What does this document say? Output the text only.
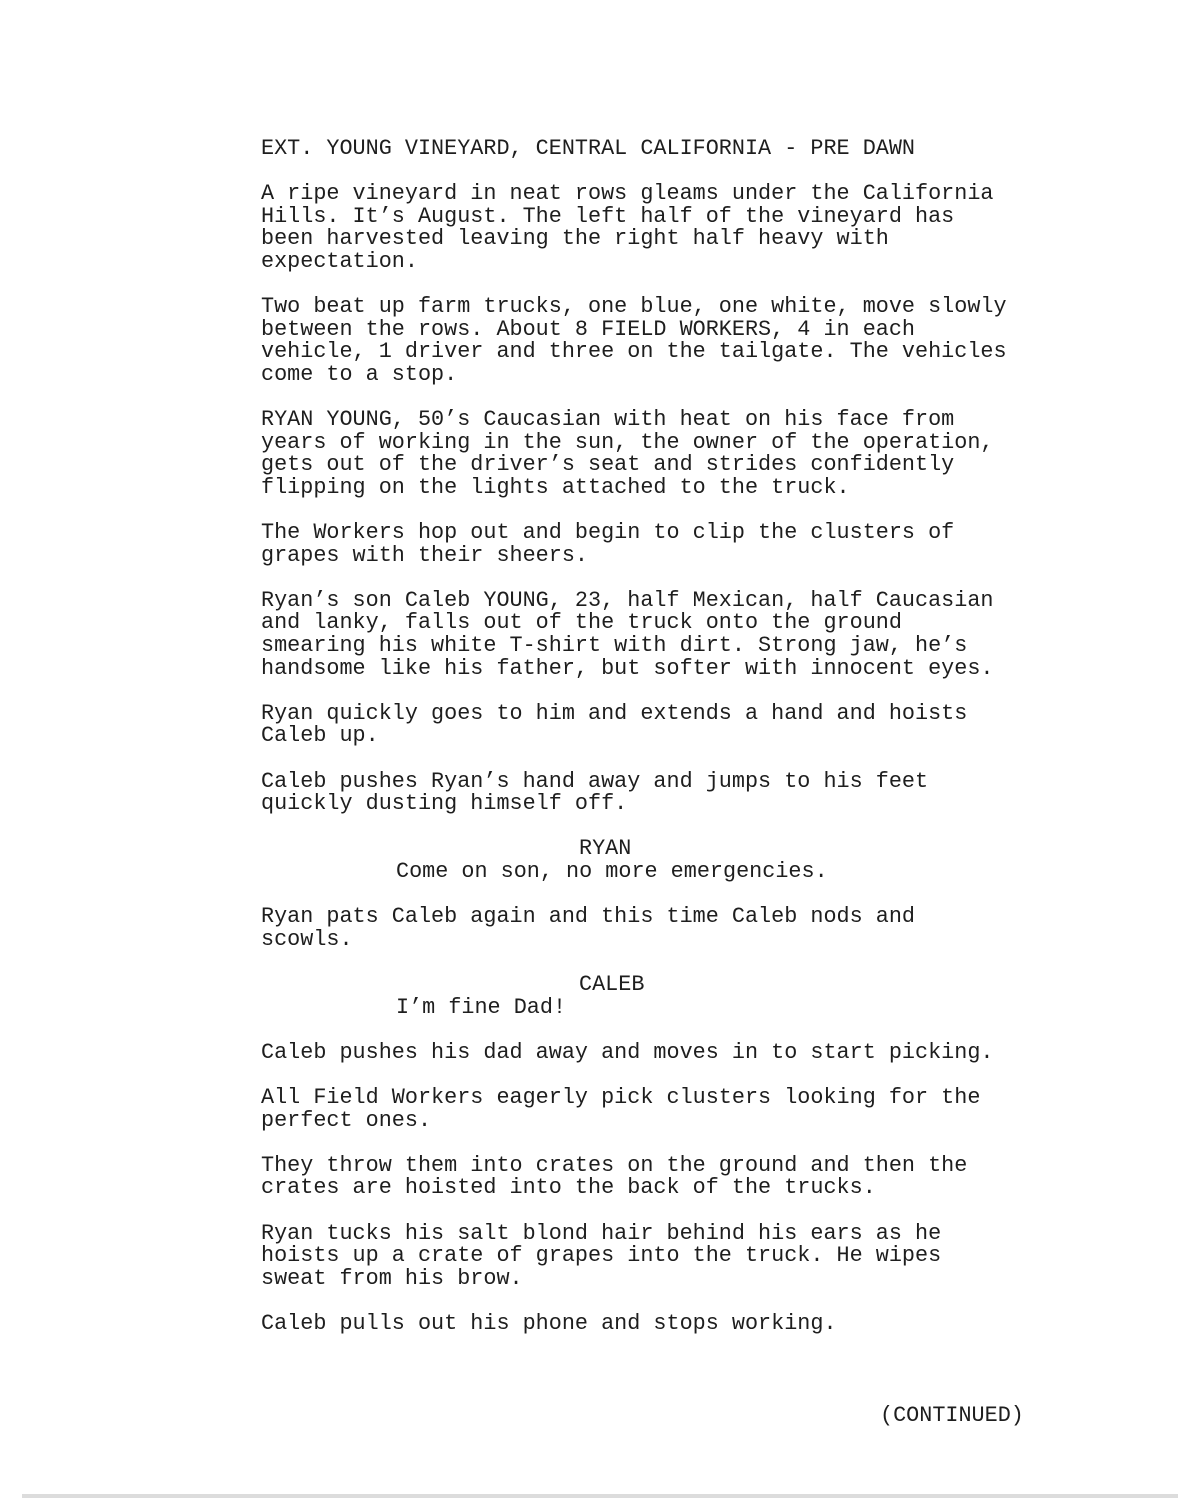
EXT. YOUNG VINEYARD, CENTRAL CALIFORNIA - PRE DAWN
A ripe vineyard in neat rows gleams under the California
Hills. It’s August. The left half of the vineyard has
been harvested leaving the right half heavy with
expectation.
Two beat up farm trucks, one blue, one white, move slowly
between the rows. About 8 FIELD WORKERS, 4 in each
vehicle, 1 driver and three on the tailgate. The vehicles
come to a stop.
RYAN YOUNG, 50’s Caucasian with heat on his face from
years of working in the sun, the owner of the operation,
gets out of the driver’s seat and strides confidently
flipping on the lights attached to the truck.
The Workers hop out and begin to clip the clusters of
grapes with their sheers.
Ryan’s son Caleb YOUNG, 23, half Mexican, half Caucasian
and lanky, falls out of the truck onto the ground
smearing his white T-shirt with dirt. Strong jaw, he’s
handsome like his father, but softer with innocent eyes.
Ryan quickly goes to him and extends a hand and hoists
Caleb up.
Caleb pushes Ryan’s hand away and jumps to his feet
quickly dusting himself off.
RYAN
Come on son, no more emergencies.
Ryan pats Caleb again and this time Caleb nods and
scowls.
CALEB
I’m fine Dad!
Caleb pushes his dad away and moves in to start picking.
All Field Workers eagerly pick clusters looking for the
perfect ones.
They throw them into crates on the ground and then the
crates are hoisted into the back of the trucks.
Ryan tucks his salt blond hair behind his ears as he
hoists up a crate of grapes into the truck. He wipes
sweat from his brow.
Caleb pulls out his phone and stops working.
(CONTINUED)
